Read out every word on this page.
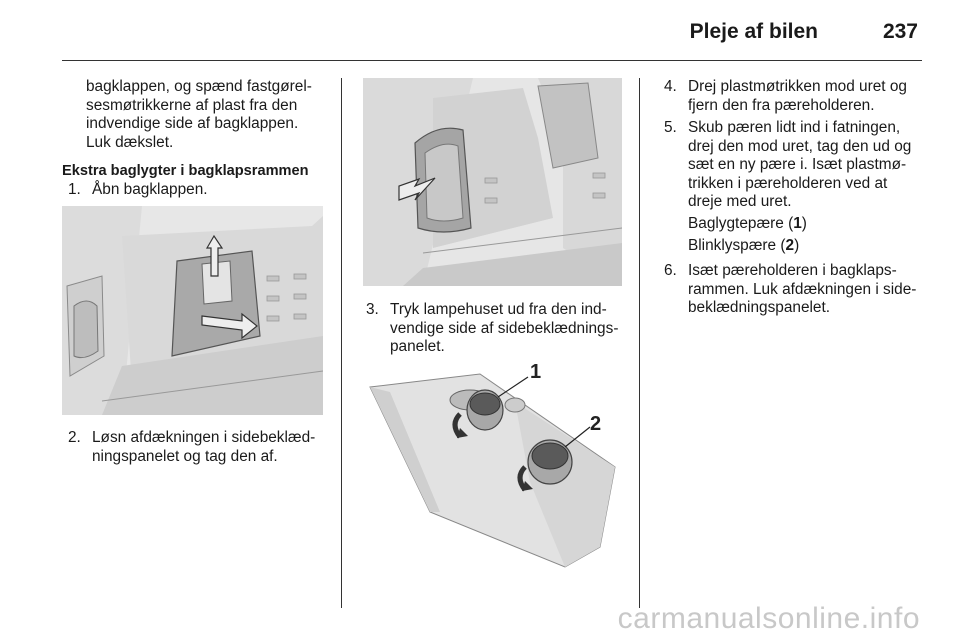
Pleje af bilen	237

bagklappen, og spænd fastgørel-

sesmøtrikkerne af plast fra den

indvendige side af bagklappen.

Luk dækslet.

Ekstra baglygter i bagklapsrammen
1. Åbn bagklappen.

2. Løsn afdækningen i sidebeklæd-

ningspanelet og tag den af.

3. Tryk lampehuset ud fra den ind-

vendige side af sidebeklædnings-

panelet.

1
2
4. Drej plastmøtrikken mod uret og

fjern den fra pæreholderen.

5. Skub pæren lidt ind i fatningen,

drej den mod uret, tag den ud og

sæt en ny pære i. Isæt plastmø-

trikken i pæreholderen ved at

dreje med uret.

Baglygtepære (1)
Blinklyspære (2)
6. Isæt pæreholderen i bagklaps-

rammen. Luk afdækningen i side-

beklædningspanelet.

carmanualsonline.info
